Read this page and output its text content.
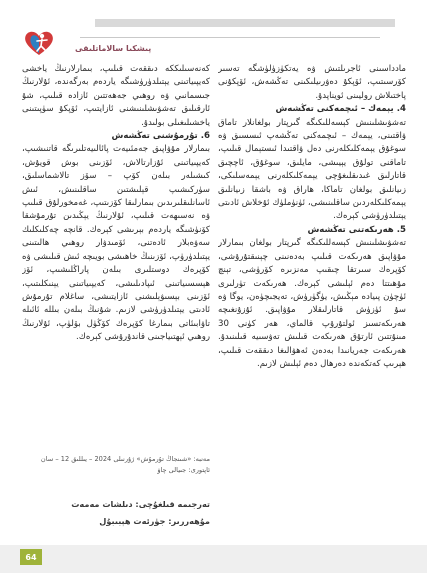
پىشكىا سالاماتلىقى

مادداسىنى ئاجرىلتىش ۋە يەتكۈزۈلۈشگە تەسىر كۆرسىتىپ، ئۆپكۇ دەۋرىيلىكىنى تەڭشەش، ئۆپكۇنى پاختىلاش روليىنى ئويناپدۇ.

4. يېمەك – ئىچمەكنى تەڭشەش

تەشۋىشلىنىش كېسەللىكىگە گىرپتار بولغانلار تاماق ۋاقتىنى، يېمەك – ئىچمەكنى تەڭشەپ ئىسسىق ۋە سوغۇق يېمەكلىكلەرنى دەل ۋاقتىدا ئىستېمال قىلىپ، تاماقنى تولۇق يېيىشى، مايلىق، سوغۇق، ئاچچىق قاتارلىق غىدىقلىغۇچى يېمەكلىكلەرنى يېمەسلىكى، زىيانلىق بولغان تاماكا، ھاراق ۋە باشقا زىيانلىق يېمەكلىكلەردىن ساقلىنىشى، ئۈنۈملۈك ئۇخلاش ئادىتى يېتىلدۈرۈشى كېرەك.

5. ھەرىكەتنى تەڭشەش

تەشۋىشلىنىش كېسەللىكىگە گىرپتار بولغان بىمارلار مۇۋاپىق ھەرىكەت قىلىپ بەدەنىنى چېنىقتۇرۇشى، كۆپرەك سىرتقا چىقىپ مەنزىرە كۆرۈشى، تېنچ مۇھىتتا دەم ئېلىشى كېرەك. ھەرىكەت تۈرلىرى ئۈچۈن پىيادە مېڭىش، يۈگۈرۈش، تەيجىچۈەن، يوگا ۋە سۇ ئۈزۈش قاتارلىقلار مۇۋاپىق. ئۇزۇنغىچە ھەرىكەتسىز ئولتۇرۇپ قالماي، ھەر كۈنى 30 مىنۇتتىن ئارتۇق ھەرىكەت قىلىش تەۋسىيە قىلىنىدۇ. ھەرىكەت جەريانىدا بەدەن ئەھۋالىغا دىققەت قىلىپ، ھېرىپ كەتكەندە دەرھال دەم ئېلىش لازىم.

كەنەسىلىككە دىققەت قىلىپ، بىمارلارنىڭ ياخشى كەيپىياتىنى يېتىلدۈرۈشىگە ياردەم بەرگەندە، ئۇلارنىڭ جىسمانىي ۋە روھىي جەھەتتىن ئازادە قىلىپ، شۇ ئارقىلىق تەشۋىشلىنىشنى ئازايتىپ، ئۆپكۇ سۈپىتىنى ياخشىلىغىلى بولىدۇ.

6. تۇرمۇشنى تەڭشەش

بىمارلار مۇۋاپىق جەمئىيەت پائالىيەتلىرىگە قاتنىشىپ، كەيپىياتىنى ئۇزارتالاش، ئۆزىنى بوش قويۇش، كىشىلەر بىلەن كۆپ – سۆز تالاشماسلىق، سۈركىشىپ قېلىشتىن ساقلىنىش، ئىش ئاسانلىقلىرىدىن بىمارلىقا كۆزىتىپ، غەمخورلۇق قىلىپ ۋە نەسىھەت قىلىپ، ئۇلارنىڭ يېڭىدىن تۇرمۇشقا كۆنۈشىگە ياردەم بېرىشى كېرەك. قانچە چەكلىكلىك سەۋەبلار ئادەتنى، ئۆمىدۋار روھىي ھالىتىنى يېتىلدۈرۈپ، ئۆزىنىڭ خاھىشى بويىچە ئىش قىلىشى ۋە كۆپرەك دوستلىرى بىلەن پاراڭلىشىپ، ئۆز ھېسسىياتىنى ئىپادىلىشى، كەيپىياتىنى يېنىكلىتىپ، ئۆزىنى بېسىۋېلىشنى ئازايتىشى، ساغلام تۇرمۇش ئادىتى يېتىلدۈرۈشى لازىم. شۇنىڭ بىلەن بىللە ئائىلە تاۋابىئاتى بىمارغا كۆپرەك كۆڭۈل بۆلۈپ، ئۇلارنىڭ روھىي ئېھتىياجىنى قاندۇرۇشى كېرەك.

مەنبە: «شىنجاڭ تۇرمۇش» ژۇرنىلى 2024 – يىللىق 12 – سان ئاپتورى: جىيالى چاۋ
تەرجىمە قىلغۇچى: دىلشات مەمەت
مۇھەررىر: جۈرئەت ھېبىبۇل
64
